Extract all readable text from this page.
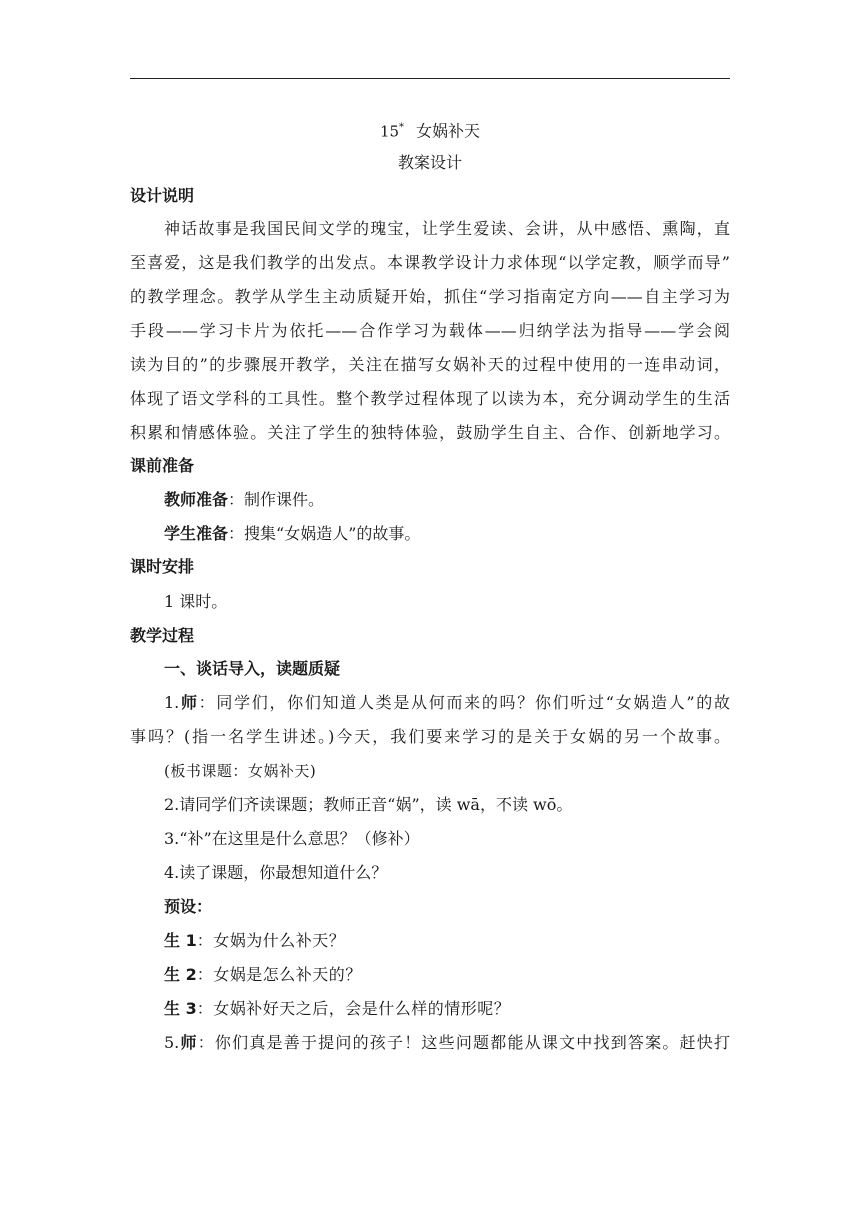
15* 女娲补天
教案设计
设计说明
神话故事是我国民间文学的瑰宝，让学生爱读、会讲，从中感悟、熏陶，直
至喜爱，这是我们教学的出发点。本课教学设计力求体现“以学定教，顺学而导”
的教学理念。教学从学生主动质疑开始，抓住“学习指南定方向——自主学习为
手段——学习卡片为依托——合作学习为载体——归纳学法为指导——学会阅
读为目的”的步骤展开教学，关注在描写女娲补天的过程中使用的一连串动词，
体现了语文学科的工具性。整个教学过程体现了以读为本，充分调动学生的生活
积累和情感体验。关注了学生的独特体验，鼓励学生自主、合作、创新地学习。
课前准备
教师准备：制作课件。
学生准备：搜集“女娲造人”的故事。
课时安排
1 课时。
教学过程
一、谈话导入，读题质疑
1.师：同学们，你们知道人类是从何而来的吗？你们听过“女娲造人”的故
事吗？(指一名学生讲述。)今天，我们要来学习的是关于女娲的另一个故事。
(板书课题：女娲补天)
2.请同学们齐读课题；教师正音“娲”，读 wā，不读 wō。
3.“补”在这里是什么意思？（修补）
4.读了课题，你最想知道什么？
预设：
生 1：女娲为什么补天？
生 2：女娲是怎么补天的？
生 3：女娲补好天之后，会是什么样的情形呢？
5.师：你们真是善于提问的孩子！这些问题都能从课文中找到答案。赶快打
